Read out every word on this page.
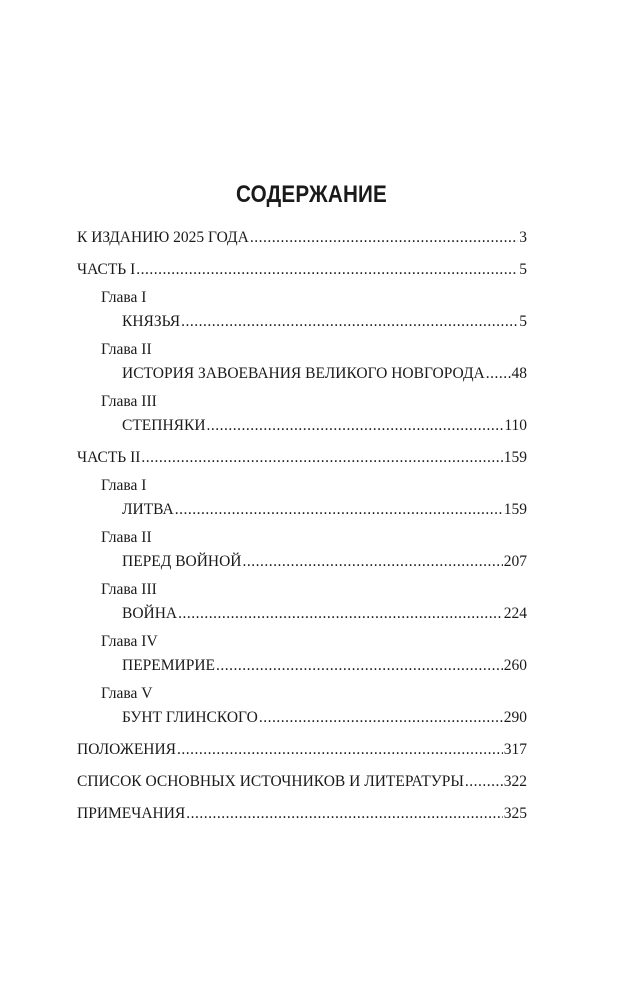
СОДЕРЖАНИЕ
К ИЗДАНИЮ 2025 ГОДА .....	3
ЧАСТЬ I .....	5
Глава I
КНЯЗЬЯ .....	5
Глава II
ИСТОРИЯ ЗАВОЕВАНИЯ ВЕЛИКОГО НОВГОРОДА ..... 48
Глава III
СТЕПНЯКИ .....	110
ЧАСТЬ II .....	159
Глава I
ЛИТВА .....	159
Глава II
ПЕРЕД ВОЙНОЙ .....	207
Глава III
ВОЙНА .....	224
Глава IV
ПЕРЕМИРИЕ .....	260
Глава V
БУНТ ГЛИНСКОГО .....	290
ПОЛОЖЕНИЯ .....	317
СПИСОК ОСНОВНЫХ ИСТОЧНИКОВ И ЛИТЕРАТУРЫ .....	322
ПРИМЕЧАНИЯ .....	325
